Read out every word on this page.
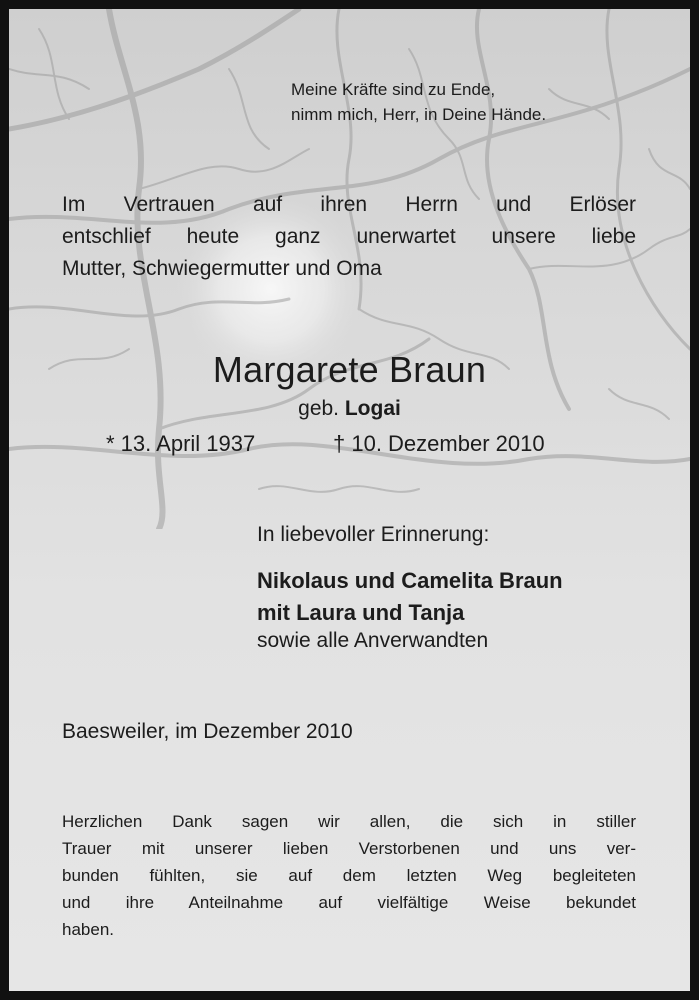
Meine Kräfte sind zu Ende,
nimm mich, Herr, in Deine Hände.
Im Vertrauen auf ihren Herrn und Erlöser
entschlief heute ganz unerwartet unsere liebe
Mutter, Schwiegermutter und Oma
Margarete Braun
geb. Logai
* 13. April 1937	† 10. Dezember 2010
In liebevoller Erinnerung:
Nikolaus und Camelita Braun
mit Laura und Tanja
sowie alle Anverwandten
Baesweiler, im Dezember 2010
Herzlichen Dank sagen wir allen, die sich in stiller
Trauer mit unserer lieben Verstorbenen und uns ver-
bunden fühlten, sie auf dem letzten Weg begleiteten
und ihre Anteilnahme auf vielfältige Weise bekundet
haben.
